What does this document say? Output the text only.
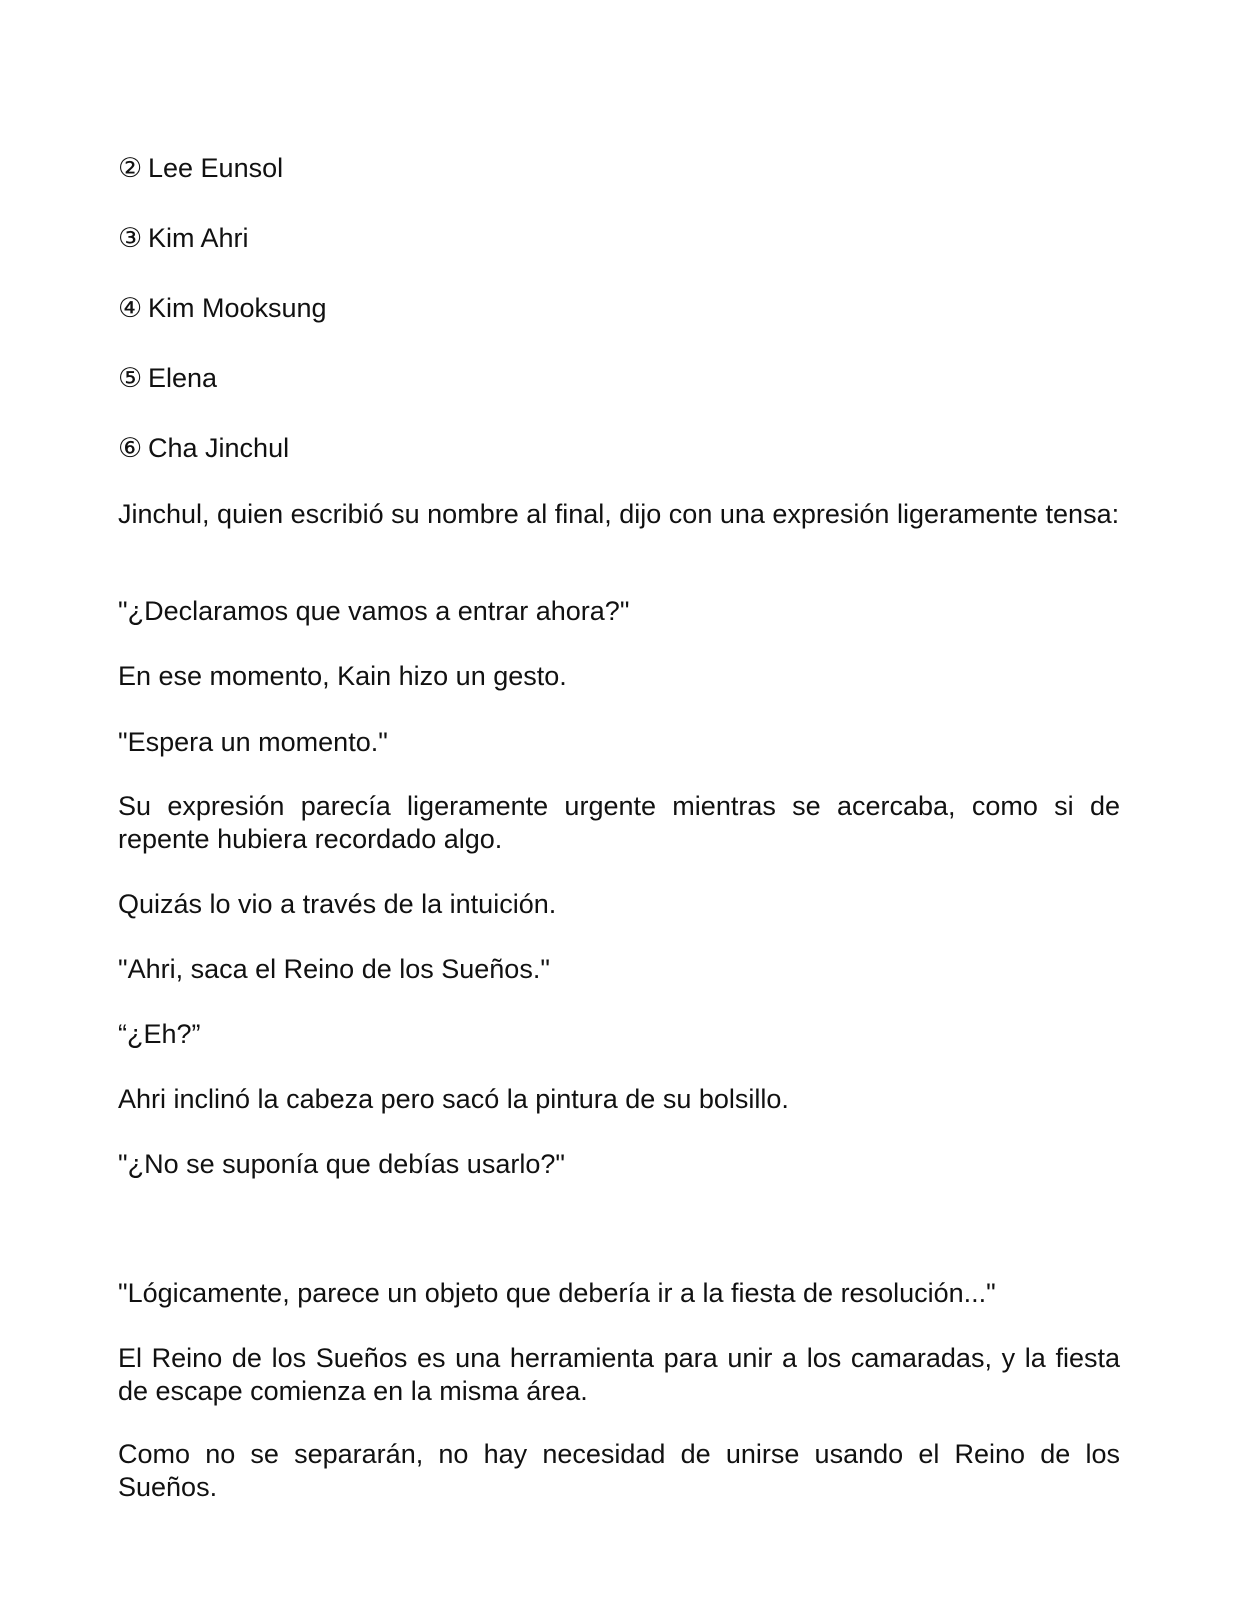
② Lee Eunsol

③ Kim Ahri

④ Kim Mooksung

⑤ Elena

⑥ Cha Jinchul

Jinchul, quien escribió su nombre al final, dijo con una expresión ligeramente tensa:

"¿Declaramos que vamos a entrar ahora?"

En ese momento, Kain hizo un gesto.

"Espera un momento."

Su expresión parecía ligeramente urgente mientras se acercaba, como si de repente hubiera recordado algo.

Quizás lo vio a través de la intuición.

"Ahri, saca el Reino de los Sueños."

“¿Eh?”

Ahri inclinó la cabeza pero sacó la pintura de su bolsillo.

"¿No se suponía que debías usarlo?"

"Lógicamente, parece un objeto que debería ir a la fiesta de resolución..."

El Reino de los Sueños es una herramienta para unir a los camaradas, y la fiesta de escape comienza en la misma área.

Como no se separarán, no hay necesidad de unirse usando el Reino de los Sueños.
